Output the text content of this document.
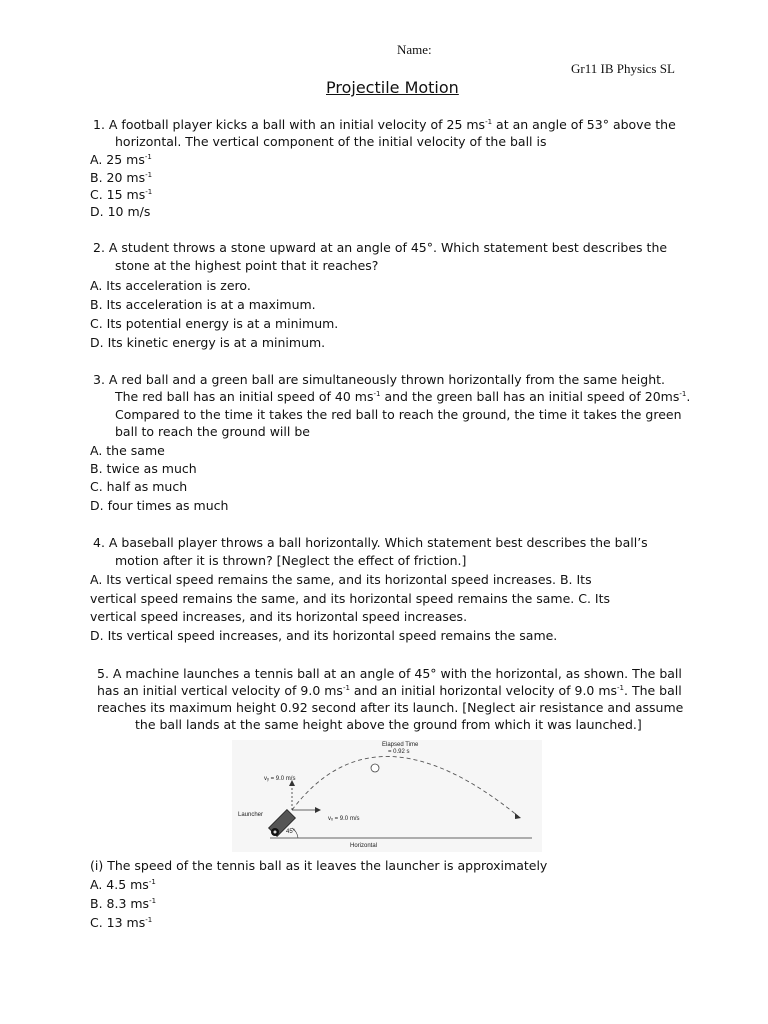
Name:
Gr11 IB Physics SL
Projectile Motion
1. A football player kicks a ball with an initial velocity of 25 $ms^{-1}$ at an angle of 53° above the
horizontal. The vertical component of the initial velocity of the ball is
A. 25 $ms^{-1}$
B. 20 $ms^{-1}$
C. 15 $ms^{-1}$
D. 10 m/s
2. A student throws a stone upward at an angle of 45°. Which statement best describes the
stone at the highest point that it reaches?
A. Its acceleration is zero.
B. Its acceleration is at a maximum.
C. Its potential energy is at a minimum.
D. Its kinetic energy is at a minimum.
3. A red ball and a green ball are simultaneously thrown horizontally from the same height.
The red ball has an initial speed of 40 $ms^{-1}$ and the green ball has an initial speed of $20ms^{-1}$.
Compared to the time it takes the red ball to reach the ground, the time it takes the green
ball to reach the ground will be
A. the same
B. twice as much
C. half as much
D. four times as much
4. A baseball player throws a ball horizontally. Which statement best describes the ball’s
motion after it is thrown? [Neglect the effect of friction.]
A. Its vertical speed remains the same, and its horizontal speed increases. B. Its
vertical speed remains the same, and its horizontal speed remains the same. C. Its
vertical speed increases, and its horizontal speed increases.
D. Its vertical speed increases, and its horizontal speed remains the same.
5. A machine launches a tennis ball at an angle of 45° with the horizontal, as shown. The ball
has an initial vertical velocity of 9.0 $ms^{-1}$ and an initial horizontal velocity of 9.0 $ms^{-1}$. The ball
reaches its maximum height 0.92 second after its launch. [Neglect air resistance and assume
the ball lands at the same height above the ground from which it was launched.]
Elapsed Time
= 0.92 s
vᵧ = 9.0 m/s
vₓ = 9.0 m/s
Launcher
45°
Horizontal
(i) The speed of the tennis ball as it leaves the launcher is approximately
A. 4.5 $ms^{-1}$
B. 8.3 $ms^{-1}$
C. 13 $ms^{-1}$
